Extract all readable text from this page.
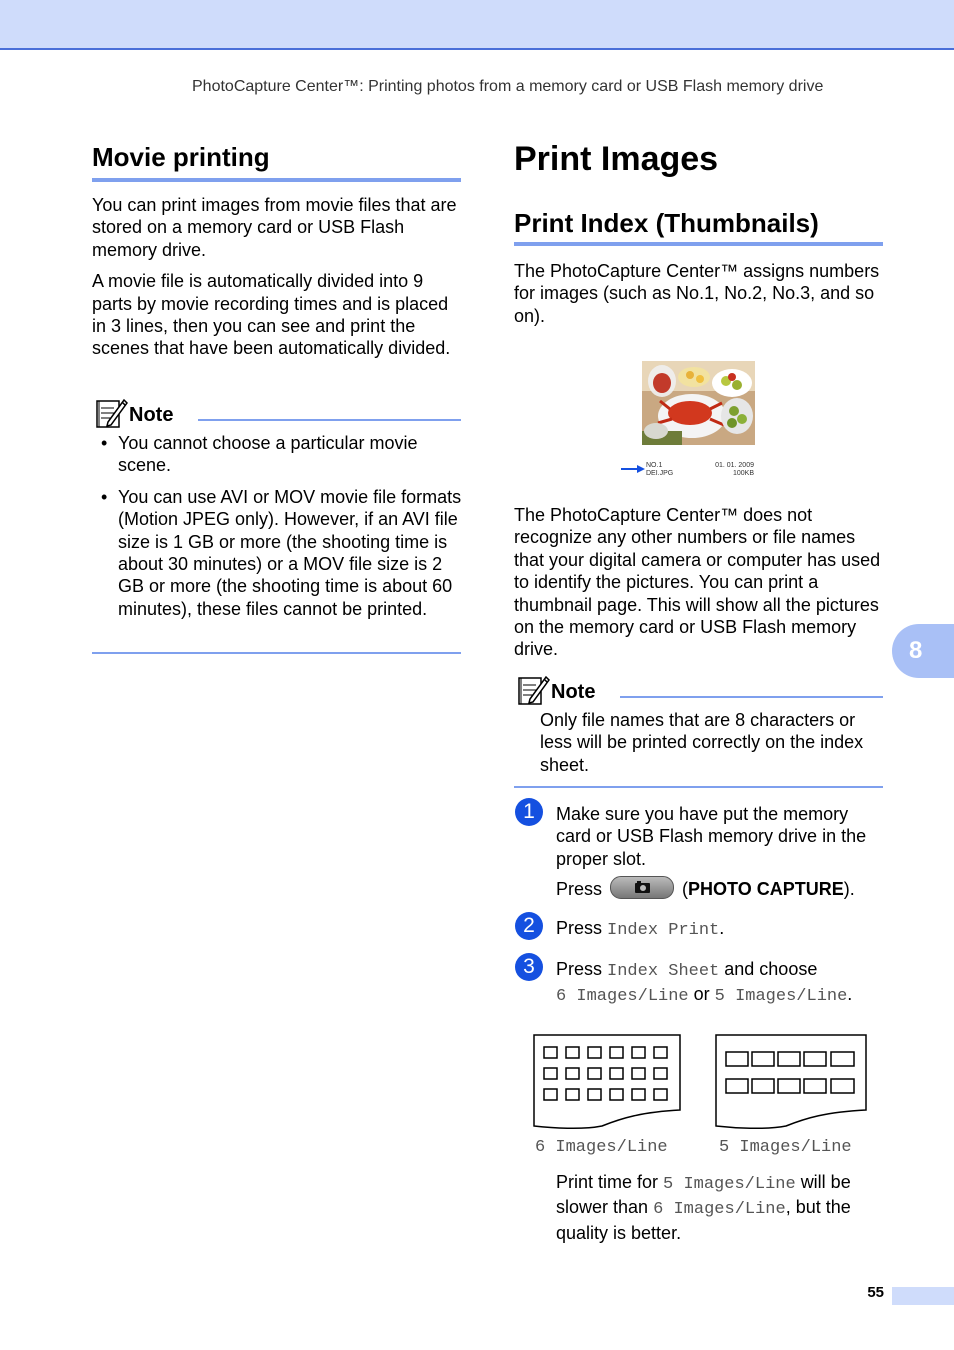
PhotoCapture Center™: Printing photos from a memory card or USB Flash memory drive
Movie printing

You can print images from movie files that are stored on a memory card or USB Flash memory drive.

A movie file is automatically divided into 9 parts by movie recording times and is placed in 3 lines, then you can see and print the scenes that have been automatically divided.

Note
• You cannot choose a particular movie scene.
• You can use AVI or MOV movie file formats (Motion JPEG only). However, if an AVI file size is 1 GB or more (the shooting time is about 30 minutes) or a MOV file size is 2 GB or more (the shooting time is about 60 minutes), these files cannot be printed.
Print Images
Print Index (Thumbnails)
The PhotoCapture Center™ assigns numbers for images (such as No.1, No.2, No.3, and so on).
NO.1
DEI.JPG
01. 01. 2009
100KB
The PhotoCapture Center™ does not recognize any other numbers or file names that your digital camera or computer has used to identify the pictures. You can print a thumbnail page. This will show all the pictures on the memory card or USB Flash memory drive.
Note
Only file names that are 8 characters or less will be printed correctly on the index sheet.
1	Make sure you have put the memory card or USB Flash memory drive in the proper slot.
Press	(PHOTO CAPTURE).
2	Press Index Print.
3	Press Index Sheet and choose
6 Images/Line or 5 Images/Line.
6 Images/Line	5 Images/Line
Print time for 5 Images/Line will be slower than 6 Images/Line, but the quality is better.
8
55
